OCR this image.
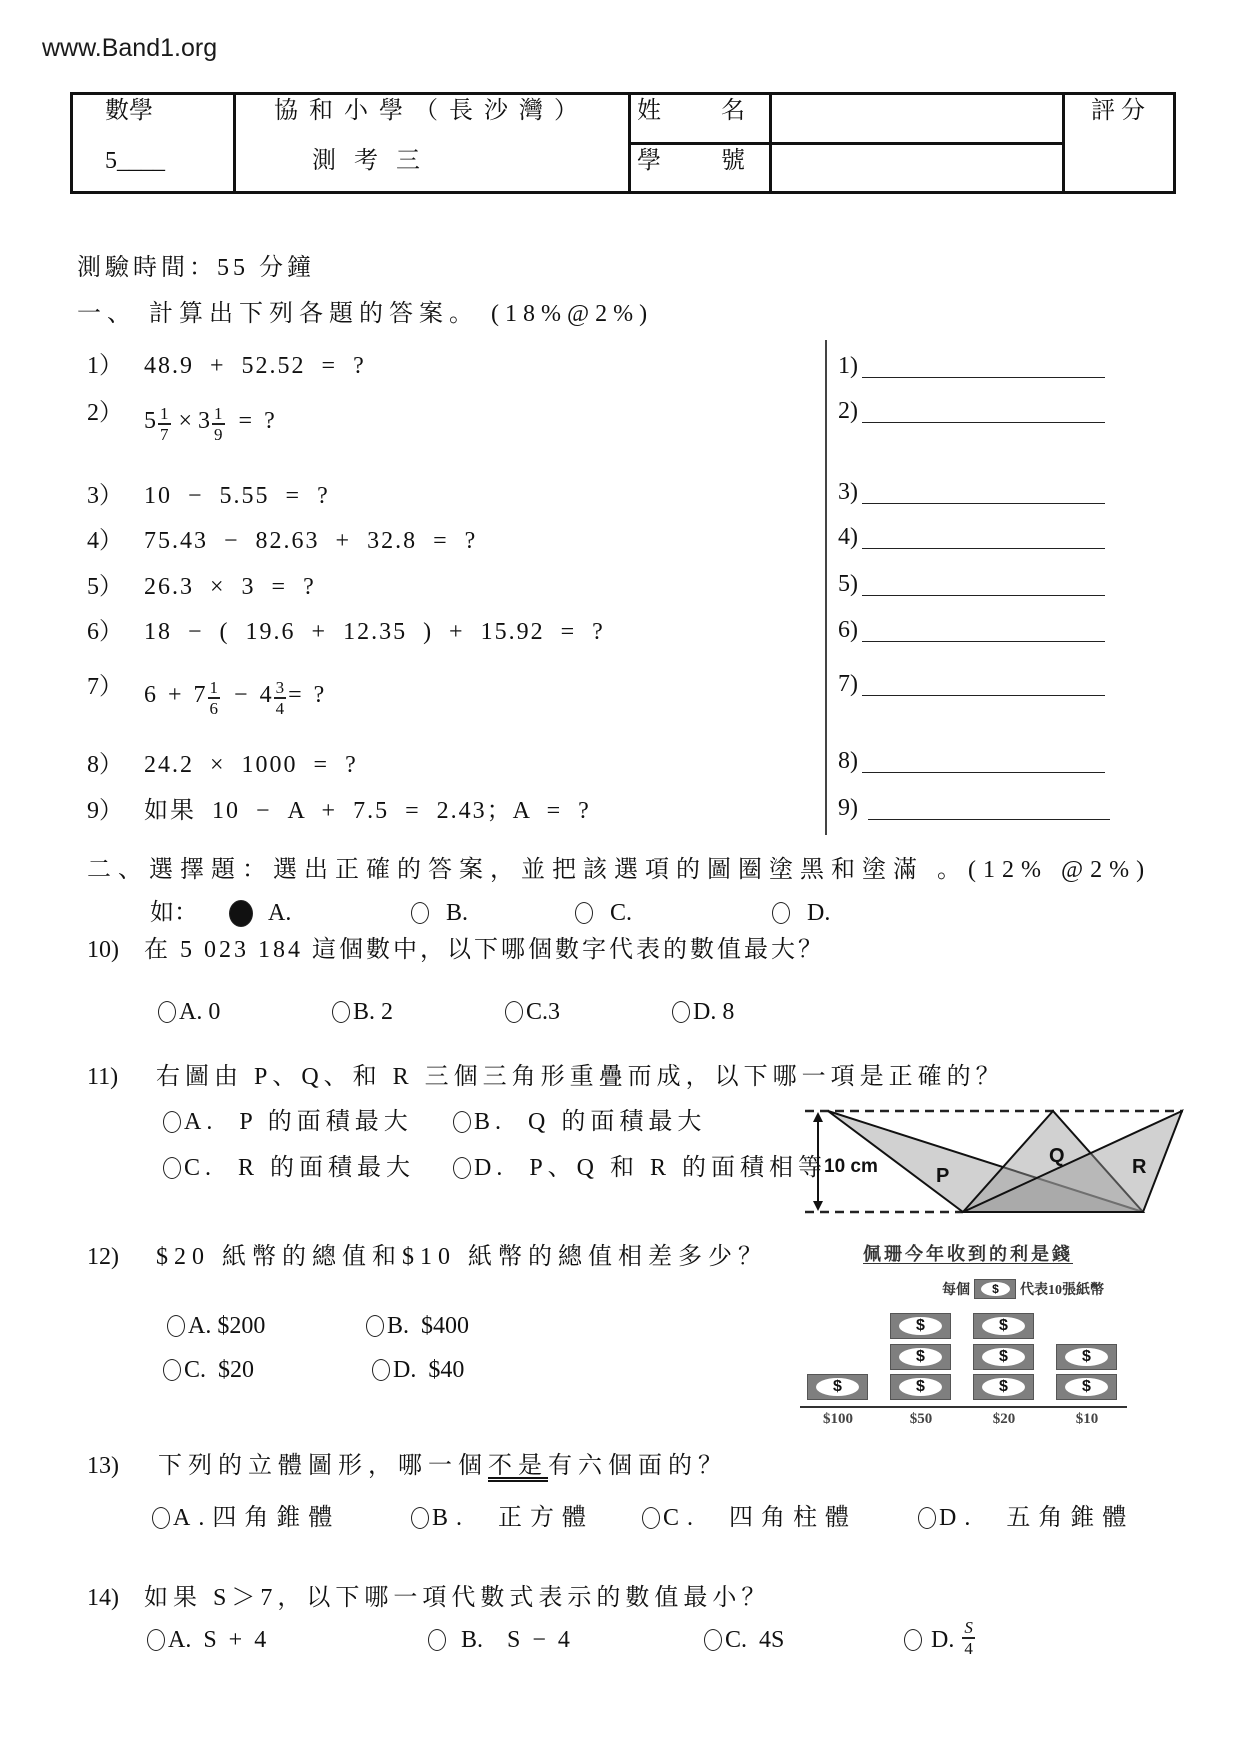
www.Band1.org
數學
5____
協和小學（長沙灣）
測考三
姓	名
學	號
評分
測驗時間：55 分鐘
一、 計算出下列各題的答案。 (18%@2%)
1） 48.9 + 52.52 = ?
2） $5 \frac{1}{7} \times 3 \frac{1}{9}$ =  ?
3） 10 − 5.55 = ?
4） 75.43 − 82.63 + 32.8 = ?
5） 26.3 × 3 = ?
6） 18 − ( 19.6 + 12.35 ) + 15.92 = ?
7） $6 + 7 \frac{1}{6} - 4 \frac{3}{4}$ =  ?
8） 24.2 × 1000 = ?
9） 如果 10 − A + 7.5 = 2.43；A = ?
1)
2)
3)
4)
5)
6)
7)
8)
9)
二、選擇題：選出正確的答案，並把該選項的圖圈塗黑和塗滿 。(12% @2%)
如：	A.	B.	C.	D.
10) 在 5 023 184 這個數中，以下哪個數字代表的數值最大？
A. 0	B. 2	C.3	D. 8
11) 右圖由 P、Q、和 R 三個三角形重疊而成，以下哪一項是正確的？
A.  P 的面積最大	B.  Q 的面積最大
C.  R 的面積最大 D.  P、Q 和 R 的面積相等
10 cm	P
Q	R
12) $20 紙幣的總值和$10 紙幣的總值相差多少？
A. $200	B.  $400
C.  $20	D.  $40
佩珊今年收到的利是錢
每個	$	代表10張紙幣
$	$
$
$
$
$
$
$
$
$100	$50	$20	$10
13) 下列的立體圖形，哪一個不是有六個面的？
A.四角錐體	B.  正方體	C.  四角柱體	D.  五角錐體
14) 如果 S＞7，以下哪一項代數式表示的數值最小？
A. S + 4	B.  S − 4	C.  4S	D. $\frac{S}{4}$
